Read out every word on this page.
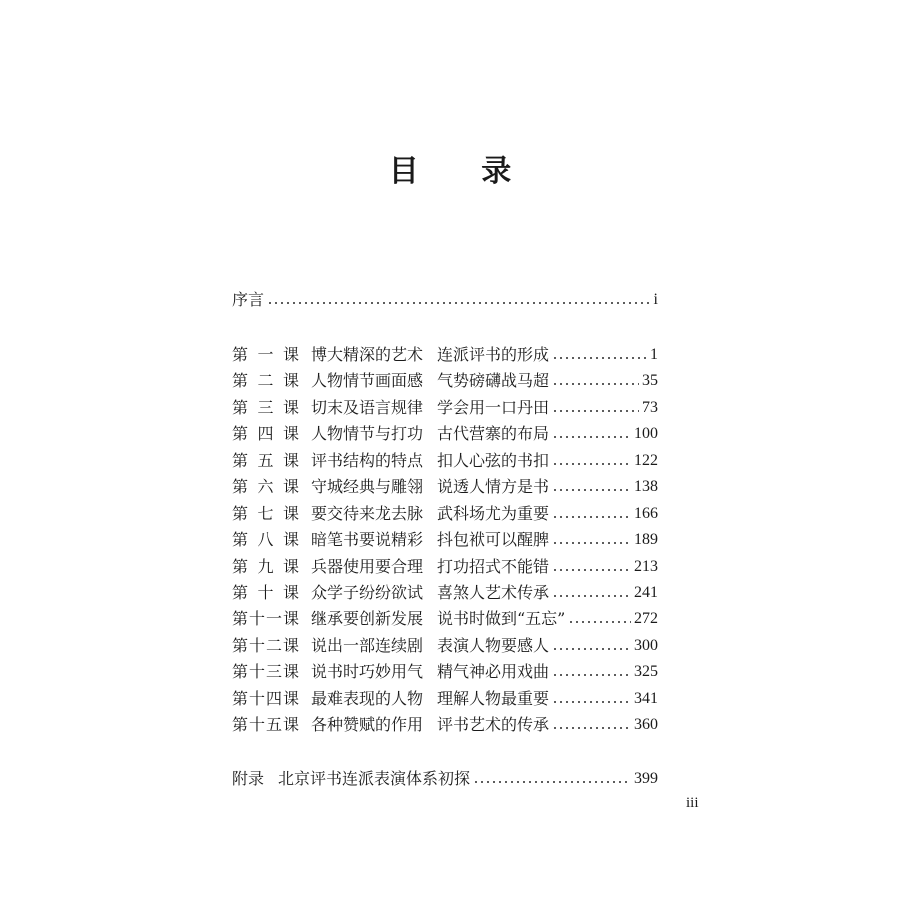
目 录
序言	i
第一课 博大精深的艺术 连派评书的形成	1
第二课 人物情节画面感 气势磅礴战马超	35
第三课 切末及语言规律 学会用一口丹田	73
第四课 人物情节与打功 古代营寨的布局	100
第五课 评书结构的特点 扣人心弦的书扣	122
第六课 守城经典与雕翎 说透人情方是书	138
第七课 要交待来龙去脉 武科场尤为重要	166
第八课 暗笔书要说精彩 抖包袱可以醒脾	189
第九课 兵器使用要合理 打功招式不能错	213
第十课 众学子纷纷欲试 喜煞人艺术传承	241
第十一课 继承要创新发展 说书时做到“五忘”	272
第十二课 说出一部连续剧 表演人物要感人	300
第十三课 说书时巧妙用气 精气神必用戏曲	325
第十四课 最难表现的人物 理解人物最重要	341
第十五课 各种赞赋的作用 评书艺术的传承	360
附录 北京评书连派表演体系初探	399
iii
